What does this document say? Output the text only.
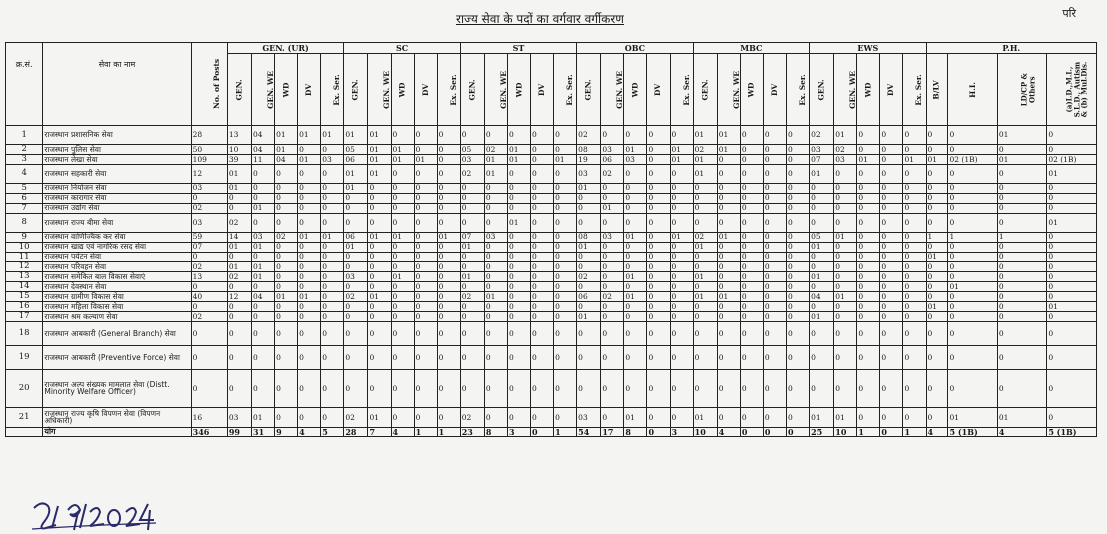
राज्य सेवा के पदों का वर्गवार वर्गीकरण	परि
क्र.सं.	सेवा का नाम	No. of Posts	GEN. (UR)					SC					ST					OBC					MBC					EWS					P.H.			
			GEN.	GEN. WE	WD	DV	Ex. Ser.	GEN.	GEN. WE	WD	DV	Ex. Ser.	GEN.	GEN. WE	WD	DV	Ex. Ser.	GEN.	GEN. WE	WD	DV	Ex. Ser.	GEN.	GEN. WE	WD	DV	Ex. Ser.	GEN.	GEN. WE	WD	DV	Ex. Ser.	B/LV	H.I.	LD/CP & Others	(a)I.D.,M.I., S.L.D., Autism & (b) Mul.Dis.
1	राजस्थान प्रशासनिक सेवा	28	13	04	01	01	01	01	01	0	0	0	0	0	0	0	0	02	0	0	0	0	01	01	0	0	0	02	01	0	0	0	0	0	01	0
2	राजस्थान पुलिस सेवा	50	10	04	01	0	0	05	01	01	0	0	05	02	01	0	0	08	03	01	0	01	02	01	0	0	0	03	02	0	0	0	0	0	0	0
3	राजस्थान लेखा सेवा	109	39	11	04	01	03	06	01	01	01	0	03	01	01	0	01	19	06	03	0	01	01	0	0	0	0	07	03	01	0	01	01	02 (1B)	01	02 (1B)
4	राजस्थान सहकारी सेवा	12	01	0	0	0	0	01	01	0	0	0	02	01	0	0	0	03	02	0	0	0	01	0	0	0	0	01	0	0	0	0	0	0	0	01
5	राजस्थान नियोजन सेवा	03	01	0	0	0	0	01	0	0	0	0	0	0	0	0	0	01	0	0	0	0	0	0	0	0	0	0	0	0	0	0	0	0	0	0
6	राजस्थान कारागार सेवा	0	0	0	0	0	0	0	0	0	0	0	0	0	0	0	0	0	0	0	0	0	0	0	0	0	0	0	0	0	0	0	0	0	0	0
7	राजस्थान उद्योग सेवा	02	0	01	0	0	0	0	0	0	0	0	0	0	0	0	0	0	01	0	0	0	0	0	0	0	0	0	0	0	0	0	0	0	0	0
8	राजस्थान राज्य बीमा सेवा	03	02	0	0	0	0	0	0	0	0	0	0	0	01	0	0	0	0	0	0	0	0	0	0	0	0	0	0	0	0	0	0	0	0	01
9	राजस्थान वाणिज्यिक कर सेवा	59	14	03	02	01	01	06	01	01	0	01	07	03	0	0	0	08	03	01	0	01	02	01	0	0	0	05	01	0	0	0	1	1	1	0
10	राजस्थान खाद्य एवं नागरिक रसद सेवा	07	01	01	0	0	0	01	0	0	0	0	01	0	0	0	0	01	0	0	0	0	01	0	0	0	0	01	0	0	0	0	0	0	0	0
11	राजस्थान पर्यटन सेवा	0	0	0	0	0	0	0	0	0	0	0	0	0	0	0	0	0	0	0	0	0	0	0	0	0	0	0	0	0	0	0	01	0	0	0
12	राजस्थान परिवहन सेवा	02	01	01	0	0	0	0	0	0	0	0	0	0	0	0	0	0	0	0	0	0	0	0	0	0	0	0	0	0	0	0	0	0	0	0
13	राजस्थान समेकित बाल विकास सेवाएं	13	02	01	0	0	0	03	0	01	0	0	01	0	0	0	0	02	0	01	0	0	01	0	0	0	0	01	0	0	0	0	0	0	0	0
14	राजस्थान देवस्थान सेवा	0	0	0	0	0	0	0	0	0	0	0	0	0	0	0	0	0	0	0	0	0	0	0	0	0	0	0	0	0	0	0	0	01	0	0
15	राजस्थान ग्रामीण विकास सेवा	40	12	04	01	01	0	02	01	0	0	0	02	01	0	0	0	06	02	01	0	0	01	01	0	0	0	04	01	0	0	0	0	0	0	0
16	राजस्थान महिला विकास सेवा	0	0	0	0	0	0	0	0	0	0	0	0	0	0	0	0	0	0	0	0	0	0	0	0	0	0	0	0	0	0	0	01	0	0	01
17	राजस्थान श्रम कल्याण सेवा	02	0	0	0	0	0	0	0	0	0	0	0	0	0	0	0	01	0	0	0	0	0	0	0	0	0	01	0	0	0	0	0	0	0	0
18	राजस्थान आबकारी (General Branch) सेवा	0	0	0	0	0	0	0	0	0	0	0	0	0	0	0	0	0	0	0	0	0	0	0	0	0	0	0	0	0	0	0	0	0	0	0
19	राजस्थान आबकारी (Preventive Force) सेवा	0	0	0	0	0	0	0	0	0	0	0	0	0	0	0	0	0	0	0	0	0	0	0	0	0	0	0	0	0	0	0	0	0	0	0
20	राजस्थान अल्प संख्यक मामलात सेवा (Distt. Minority Welfare Officer)	0	0	0	0	0	0	0	0	0	0	0	0	0	0	0	0	0	0	0	0	0	0	0	0	0	0	0	0	0	0	0	0	0	0	0
21	राजस्थान राज्य कृषि विपणन सेवा (विपणन अधिकारी)	16	03	01	0	0	0	02	01	0	0	0	02	0	0	0	0	03	0	01	0	0	01	0	0	0	0	01	01	0	0	0	0	01	01	0
	योग	346	99	31	9	4	5	28	7	4	1	1	23	8	3	0	1	54	17	8	0	3	10	4	0	0	0	25	10	1	0	1	4	5 (1B)	4	5 (1B)
